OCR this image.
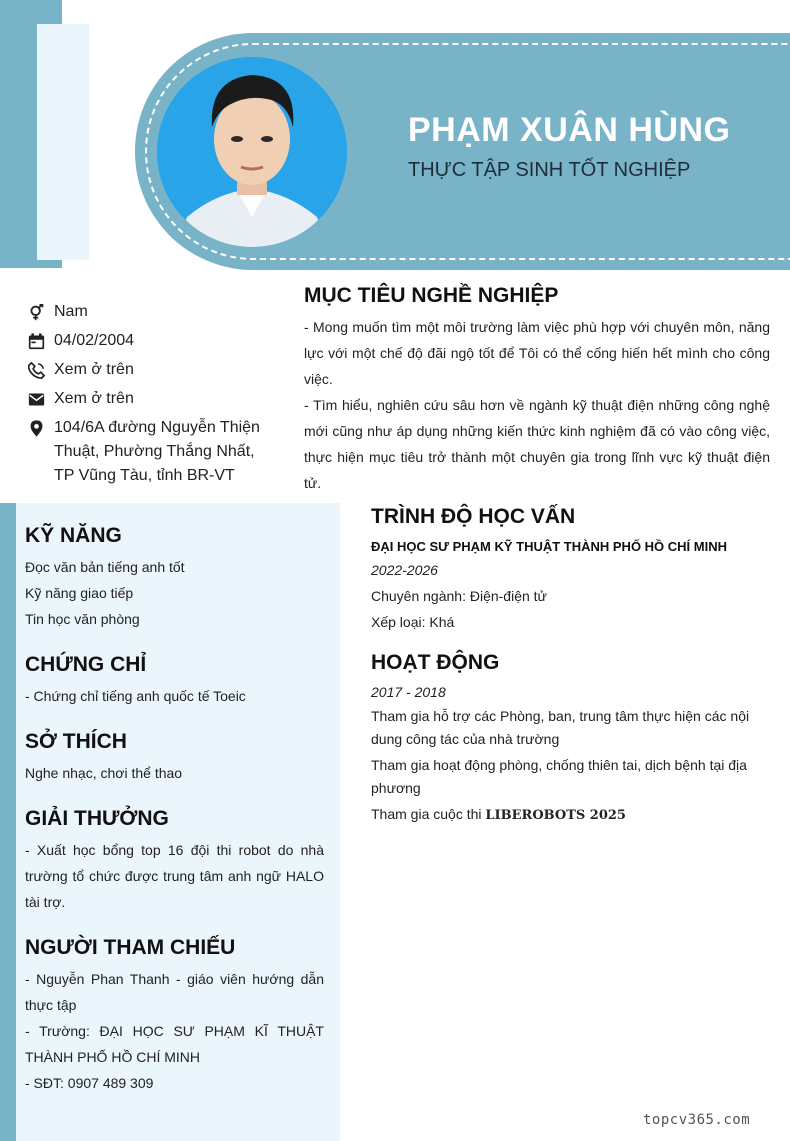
PHẠM XUÂN HÙNG
THỰC TẬP SINH TỐT NGHIỆP
Nam
04/02/2004
Xem ở trên
Xem ở trên
104/6A đường Nguyễn Thiện
Thuật, Phường Thắng Nhất,
TP Vũng Tàu, tỉnh BR-VT
MỤC TIÊU NGHỀ NGHIỆP
- Mong muốn tìm một môi trường làm việc phù hợp với chuyên môn, năng lực với một chế độ đãi ngộ tốt để Tôi có thể cống hiến hết mình cho công việc.
- Tìm hiểu, nghiên cứu sâu hơn về ngành kỹ thuật điện những công nghệ mới cũng như áp dụng những kiến thức kinh nghiệm đã có vào công việc, thực hiện mục tiêu trở thành một chuyên gia trong lĩnh vực kỹ thuật điện tử.
KỸ NĂNG
Đọc văn bản tiếng anh tốt
Kỹ năng giao tiếp
Tin học văn phòng
CHỨNG CHỈ
- Chứng chỉ tiếng anh quốc tế Toeic
SỞ THÍCH
Nghe nhạc, chơi thể thao
GIẢI THƯỞNG
- Xuất học bổng top 16 đội thi robot do nhà trường tổ chức được trung tâm anh ngữ HALO tài trợ.
NGƯỜI THAM CHIẾU
- Nguyễn Phan Thanh - giáo viên hướng dẫn thực tập
- Trường: ĐẠI HỌC SƯ PHẠM KĨ THUẬT THÀNH PHỐ HỒ CHÍ MINH
- SĐT: 0907 489 309
TRÌNH ĐỘ HỌC VẤN
ĐẠI HỌC SƯ PHẠM KỸ THUẬT THÀNH PHỐ HỒ CHÍ MINH
2022-2026
Chuyên ngành: Điện-điện tử
Xếp loại: Khá
HOẠT ĐỘNG
2017 - 2018
Tham gia hỗ trợ các Phòng, ban, trung tâm thực hiện các nội dung công tác của nhà trường
Tham gia hoạt động phòng, chống thiên tai, dịch bệnh tại địa phương
Tham gia cuộc thi LIBEROBOTS 2025
topcv365.com
